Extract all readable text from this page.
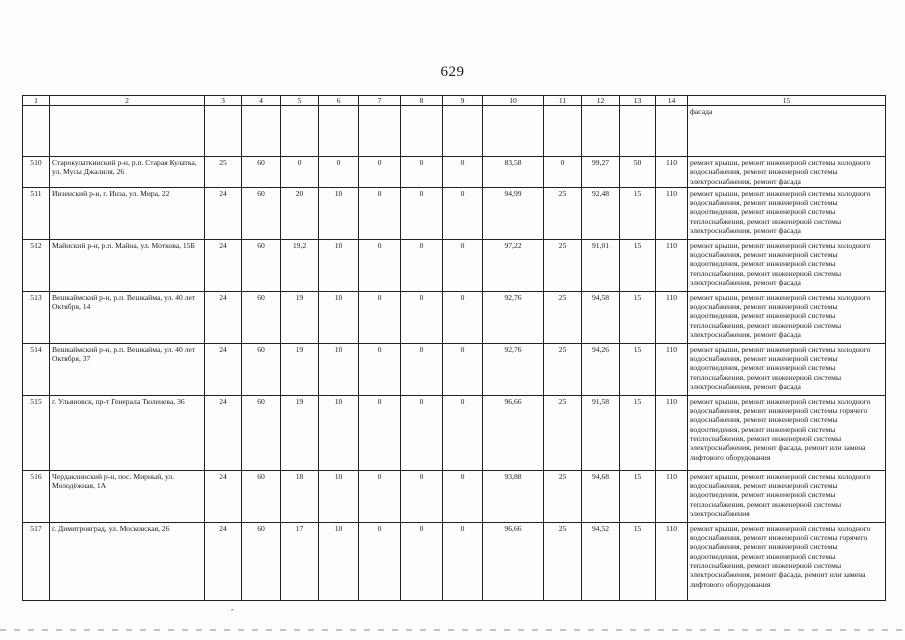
629
1	2	3	4	5	6	7	8	9	10	11	12	13	14	15
														фасада
510	Старокулаткинский р-н, р.п. Старая Кулатка, ул. Мусы Джалиля, 26	25	60	0	0	0	0	0	83,58	0	99,27	50	110	ремонт крыши, ремонт инженерной системы холодного водоснабжения, ремонт инженерной системы электроснабжения, ремонт фасада
511	Инзенский р-н, г. Инза, ул. Мира, 22	24	60	20	10	0	0	0	94,99	25	92,48	15	110	ремонт крыши, ремонт инженерной системы холодного водоснабжения, ремонт инженерной системы водоотведения, ремонт инженерной системы теплоснабжения, ремонт инженерной системы электроснабжения, ремонт фасада
512	Майнский р-н, р.п. Майна, ул. Моткова, 15Б	24	60	19,2	10	0	0	0	97,22	25	91,01	15	110	ремонт крыши, ремонт инженерной системы холодного водоснабжения, ремонт инженерной системы водоотведения, ремонт инженерной системы теплоснабжения, ремонт инженерной системы электроснабжения, ремонт фасада
513	Вешкаймский р-н, р.п. Вешкайма, ул. 40 лет Октября, 14	24	60	19	10	0	0	0	92,76	25	94,58	15	110	ремонт крыши, ремонт инженерной системы холодного водоснабжения, ремонт инженерной системы водоотведения, ремонт инженерной системы теплоснабжения, ремонт инженерной системы электроснабжения, ремонт фасада
514	Вешкаймский р-н, р.п. Вешкайма, ул. 40 лет Октября, 37	24	60	19	10	0	0	0	92,76	25	94,26	15	110	ремонт крыши, ремонт инженерной системы холодного водоснабжения, ремонт инженерной системы водоотведения, ремонт инженерной системы теплоснабжения, ремонт инженерной системы электроснабжения, ремонт фасада
515	г. Ульяновск, пр-т Генерала Тюленева, 36	24	60	19	10	0	0	0	96,66	25	91,58	15	110	ремонт крыши, ремонт инженерной системы холодного водоснабжения, ремонт инженерной системы горячего водоснабжения, ремонт инженерной системы водоотведения, ремонт инженерной системы теплоснабжения, ремонт инженерной системы электроснабжения, ремонт фасада, ремонт или замена лифтового оборудования
516	Чердаклинский р-н, пос. Мирный, ул. Молодёжная, 1А	24	60	18	10	0	0	0	93,88	25	94,68	15	110	ремонт крыши, ремонт инженерной системы холодного водоснабжения, ремонт инженерной системы водоотведения, ремонт инженерной системы теплоснабжения, ремонт инженерной системы электроснабжения
517	г. Димитровград, ул. Московская, 26	24	60	17	10	0	0	0	96,66	25	94,52	15	110	ремонт крыши, ремонт инженерной системы холодного водоснабжения, ремонт инженерной системы горячего водоснабжения, ремонт инженерной системы водоотведения, ремонт инженерной системы теплоснабжения, ремонт инженерной системы электроснабжения, ремонт фасада, ремонт или замена лифтового оборудования
-
